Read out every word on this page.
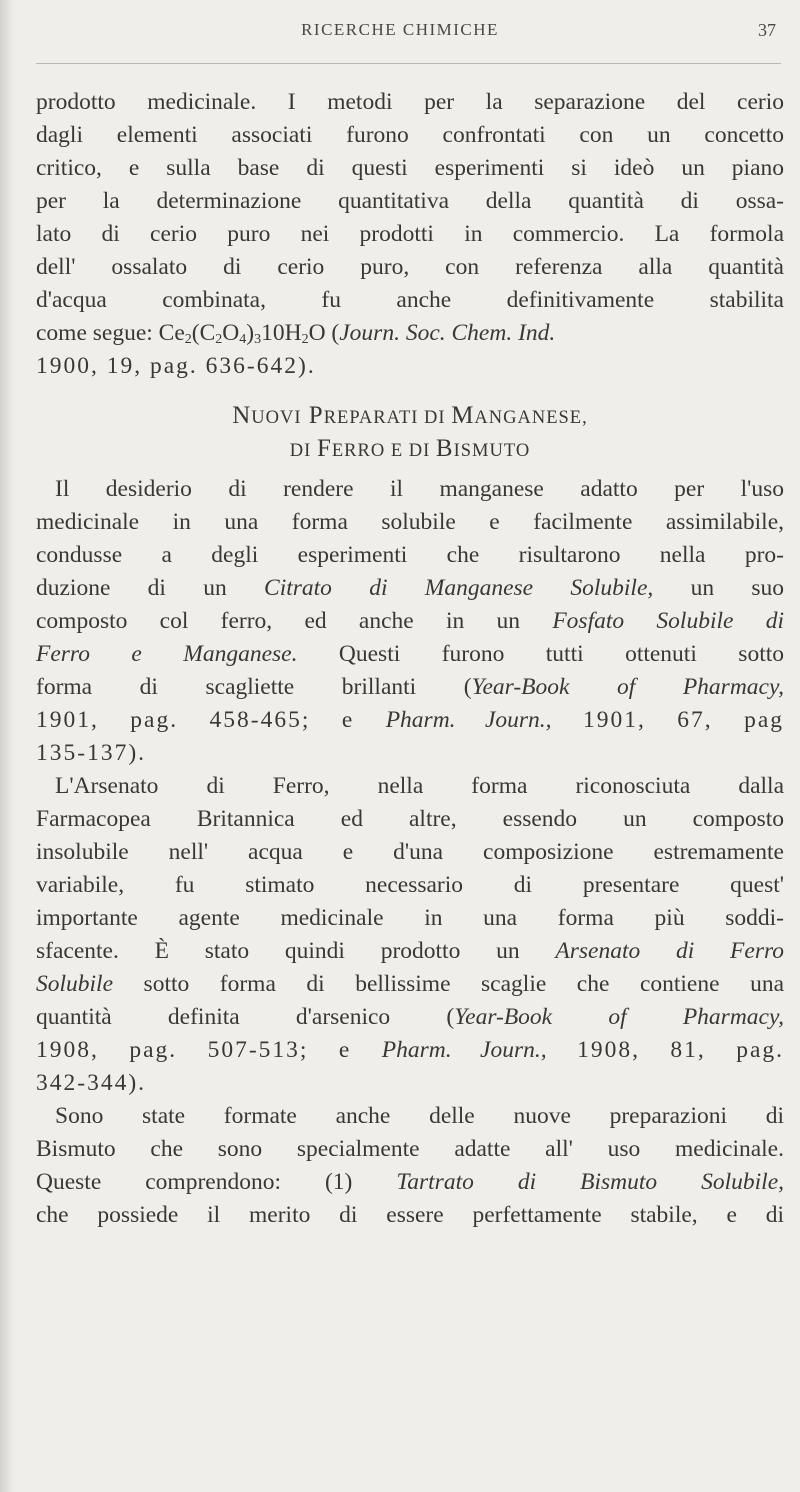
RICERCHE CHIMICHE	37
prodotto medicinale. I metodi per la separazione del cerio
dagli elementi associati furono confrontati con un concetto
critico, e sulla base di questi esperimenti si ideò un piano
per la determinazione quantitativa della quantità di ossa-
lato di cerio puro nei prodotti in commercio. La formola
dell' ossalato di cerio puro, con referenza alla quantità
d'acqua combinata, fu anche definitivamente stabilita
come segue: $Ce_2(C_2O_4)_310H_2O$ (Journ. Soc. Chem. Ind.
1900, 19, pag. 636-642).
NUOVI PREPARATI DI MANGANESE,
DI FERRO E DI BISMUTO
Il desiderio di rendere il manganese adatto per l'uso
medicinale in una forma solubile e facilmente assimilabile,
condusse a degli esperimenti che risultarono nella pro-
duzione di un Citrato di Manganese Solubile, un suo
composto col ferro, ed anche in un Fosfato Solubile di
Ferro e Manganese. Questi furono tutti ottenuti sotto
forma di scagliette brillanti (Year-Book of Pharmacy,
1901, pag. 458-465; e Pharm. Journ., 1901, 67, pag
135-137).
L'Arsenato di Ferro, nella forma riconosciuta dalla
Farmacopea Britannica ed altre, essendo un composto
insolubile nell' acqua e d'una composizione estremamente
variabile, fu stimato necessario di presentare quest'
importante agente medicinale in una forma più soddi-
sfacente. È stato quindi prodotto un Arsenato di Ferro
Solubile sotto forma di bellissime scaglie che contiene una
quantità definita d'arsenico (Year-Book of Pharmacy,
1908, pag. 507-513; e Pharm. Journ., 1908, 81, pag.
342-344).
Sono state formate anche delle nuove preparazioni di
Bismuto che sono specialmente adatte all' uso medicinale.
Queste comprendono: (1) Tartrato di Bismuto Solubile,
che possiede il merito di essere perfettamente stabile, e di
